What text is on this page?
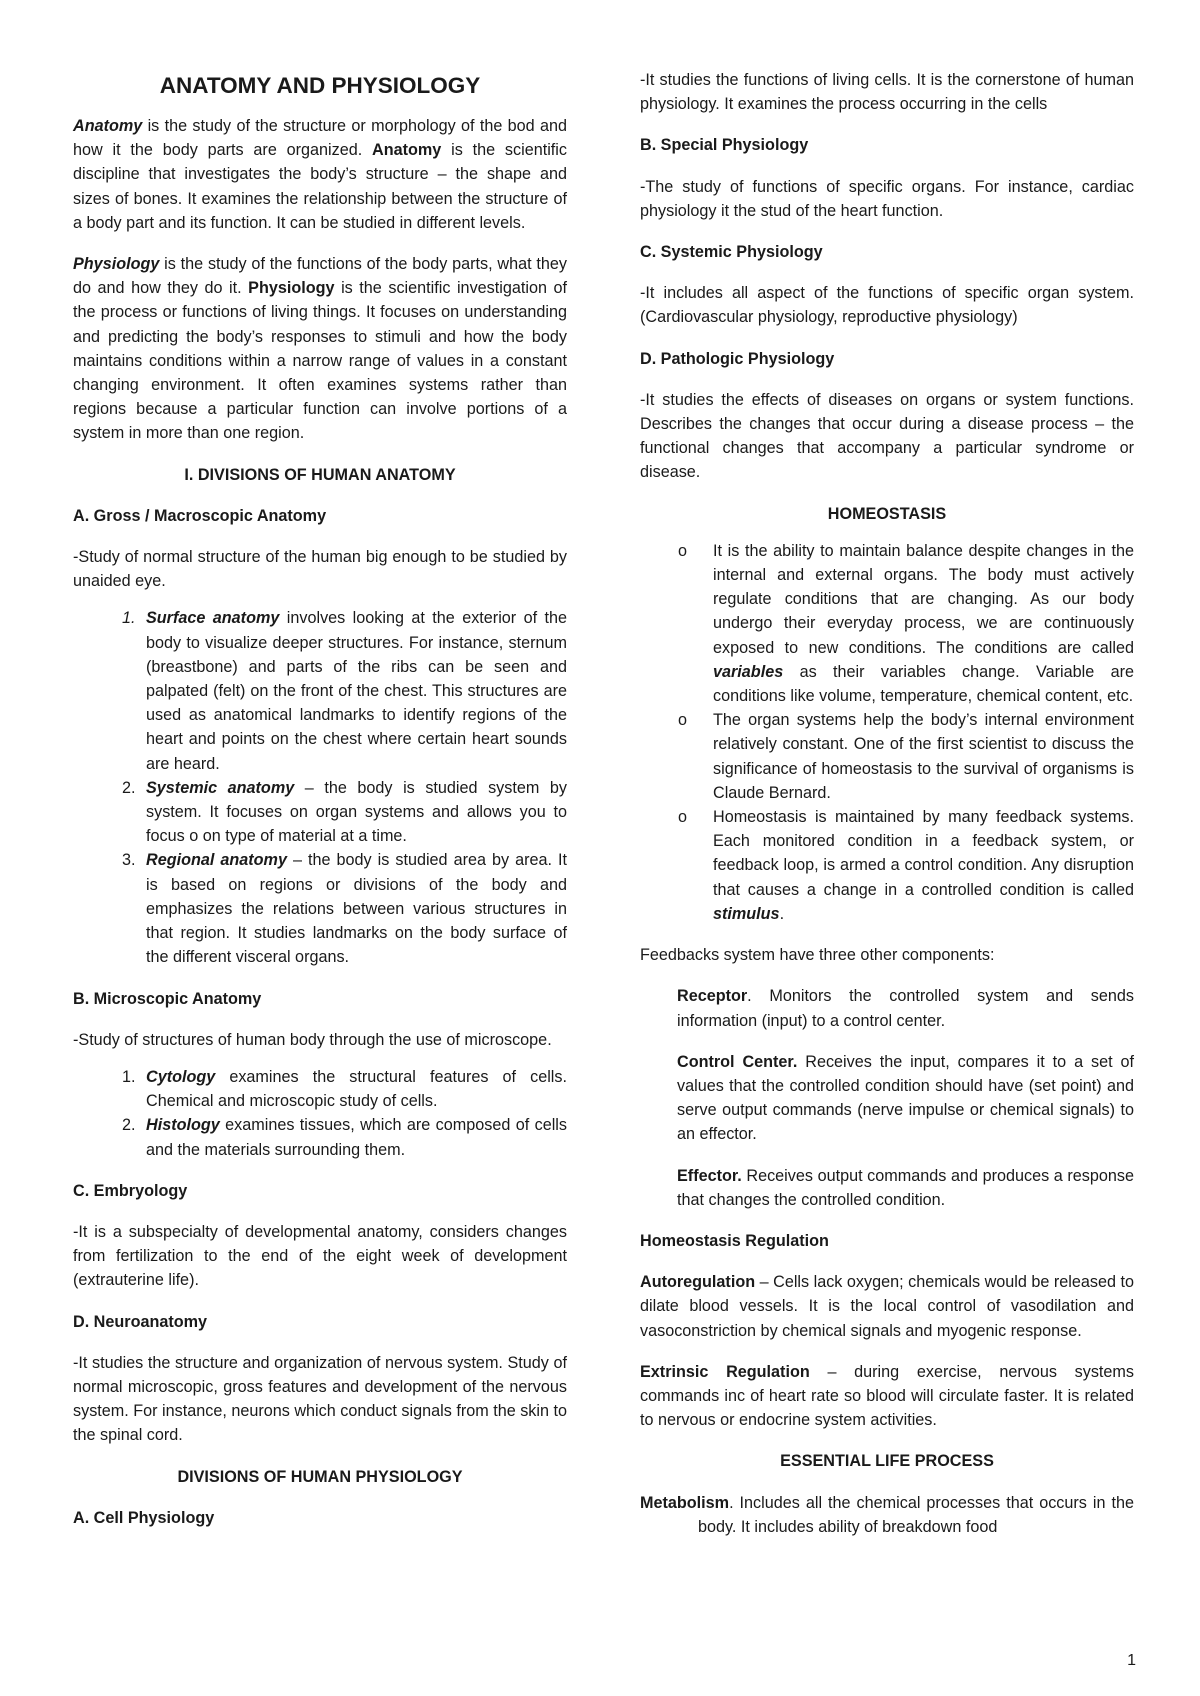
ANATOMY AND PHYSIOLOGY

Anatomy is the study of the structure or morphology of the bod and how it the body parts are organized. Anatomy is the scientific discipline that investigates the body’s structure – the shape and sizes of bones. It examines the relationship between the structure of a body part and its function. It can be studied in different levels.

Physiology is the study of the functions of the body parts, what they do and how they do it. Physiology is the scientific investigation of the process or functions of living things. It focuses on understanding and predicting the body’s responses to stimuli and how the body maintains conditions within a narrow range of values in a constant changing environment. It often examines systems rather than regions because a particular function can involve portions of a system in more than one region.

I. DIVISIONS OF HUMAN ANATOMY
A. Gross / Macroscopic Anatomy

-Study of normal structure of the human big enough to be studied by unaided eye.

1. Surface anatomy involves looking at the exterior of the body to visualize deeper structures. For instance, sternum (breastbone) and parts of the ribs can be seen and palpated (felt) on the front of the chest. This structures are used as anatomical landmarks to identify regions of the heart and points on the chest where certain heart sounds are heard.
2. Systemic anatomy – the body is studied system by system. It focuses on organ systems and allows you to focus o on type of material at a time.
3. Regional anatomy – the body is studied area by area. It is based on regions or divisions of the body and emphasizes the relations between various structures in that region. It studies landmarks on the body surface of the different visceral organs.
B. Microscopic Anatomy

-Study of structures of human body through the use of microscope.

1. Cytology examines the structural features of cells. Chemical and microscopic study of cells.
2. Histology examines tissues, which are composed of cells and the materials surrounding them.
C. Embryology

-It is a subspecialty of developmental anatomy, considers changes from fertilization to the end of the eight week of development (extrauterine life).

D. Neuroanatomy

-It studies the structure and organization of nervous system. Study of normal microscopic, gross features and development of the nervous system. For instance, neurons which conduct signals from the skin to the spinal cord.

DIVISIONS OF HUMAN PHYSIOLOGY
A. Cell Physiology

-It studies the functions of living cells. It is the cornerstone of human physiology. It examines the process occurring in the cells

B. Special Physiology

-The study of functions of specific organs. For instance, cardiac physiology it the stud of the heart function.

C. Systemic Physiology

-It includes all aspect of the functions of specific organ system. (Cardiovascular physiology, reproductive physiology)

D. Pathologic Physiology

-It studies the effects of diseases on organs or system functions. Describes the changes that occur during a disease process – the functional changes that accompany a particular syndrome or disease.

HOMEOSTASIS
o	It is the ability to maintain balance despite changes in the internal and external organs. The body must actively regulate conditions that are changing. As our body undergo their everyday process, we are continuously exposed to new conditions. The conditions are called variables as their variables change. Variable are conditions like volume, temperature, chemical content, etc.
o	The organ systems help the body’s internal environment relatively constant. One of the first scientist to discuss the significance of homeostasis to the survival of organisms is Claude Bernard.
o	Homeostasis is maintained by many feedback systems. Each monitored condition in a feedback system, or feedback loop, is armed a control condition. Any disruption that causes a change in a controlled condition is called stimulus.

Feedbacks system have three other components:

Receptor. Monitors the controlled system and sends information (input) to a control center.

Control Center. Receives the input, compares it to a set of values that the controlled condition should have (set point) and serve output commands (nerve impulse or chemical signals) to an effector.

Effector. Receives output commands and produces a response that changes the controlled condition.

Homeostasis Regulation

Autoregulation – Cells lack oxygen; chemicals would be released to dilate blood vessels. It is the local control of vasodilation and vasoconstriction by chemical signals and myogenic response.

Extrinsic Regulation – during exercise, nervous systems commands inc of heart rate so blood will circulate faster. It is related to nervous or endocrine system activities.

ESSENTIAL LIFE PROCESS

Metabolism. Includes all the chemical processes that occurs in the body. It includes ability of breakdown food

1
